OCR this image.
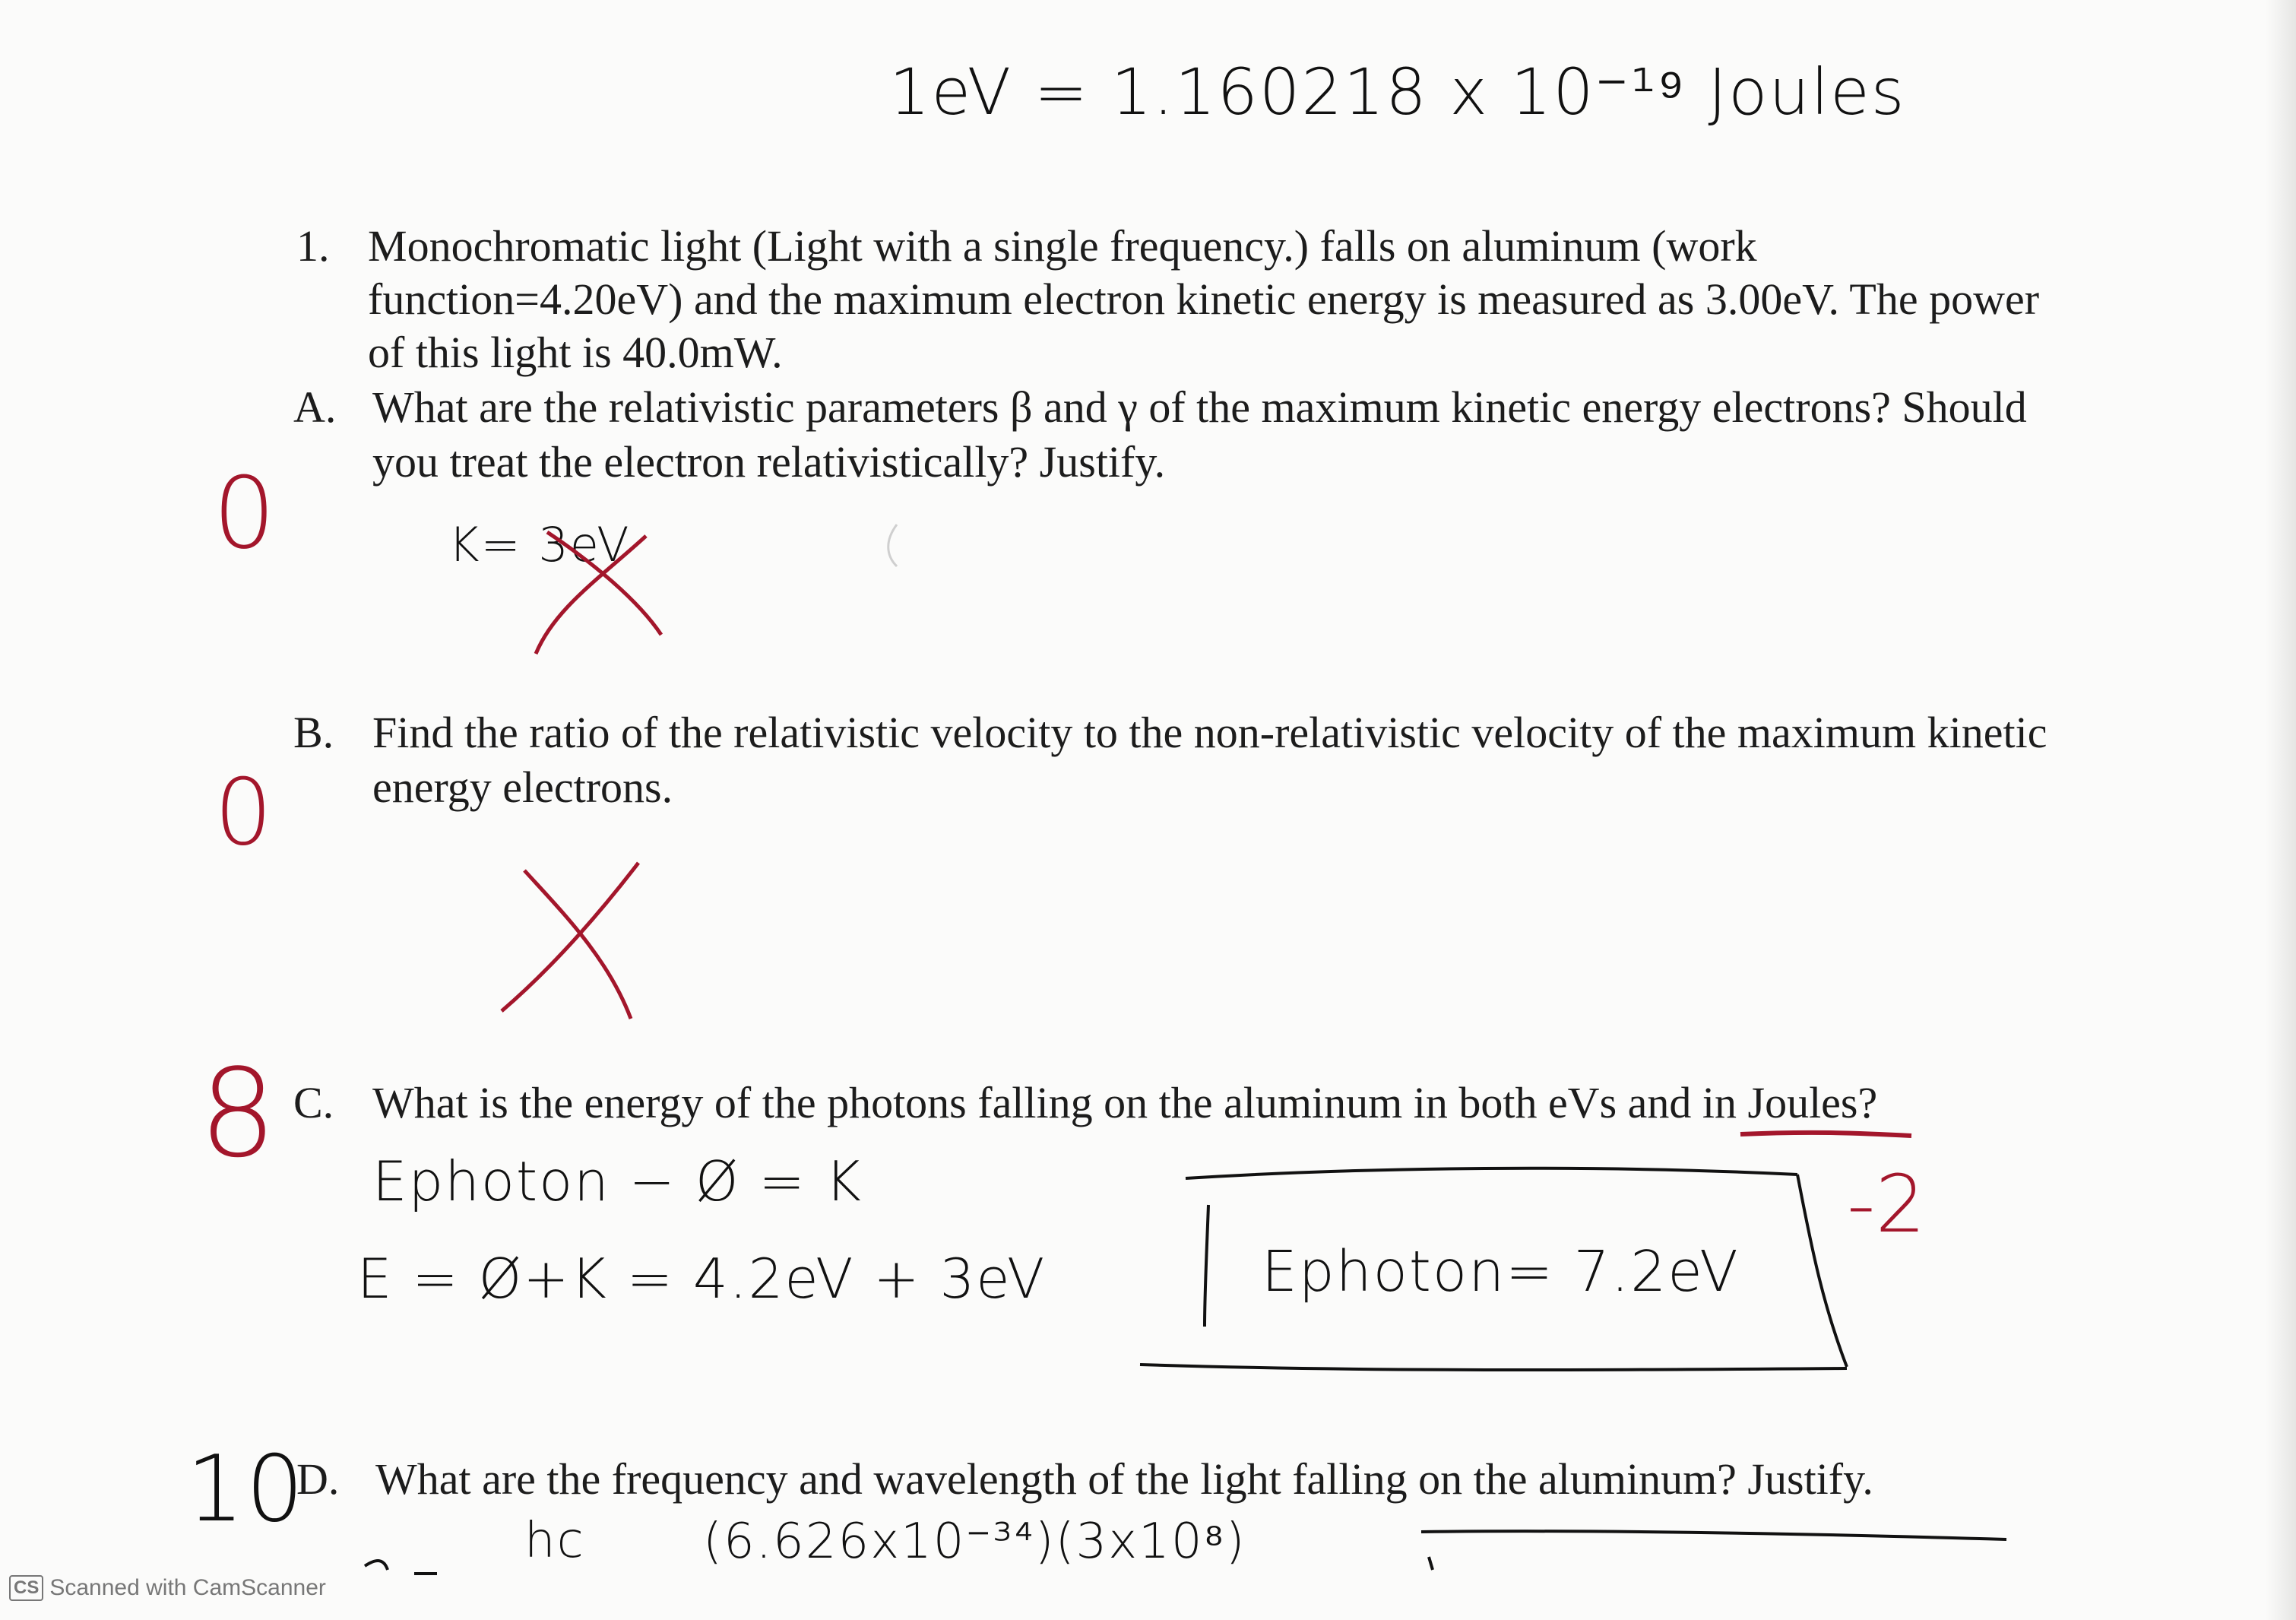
1eV = 1.160218 x 10⁻¹⁹ Joules
1. Monochromatic light (Light with a single frequency.) falls on aluminum (work
function=4.20eV) and the maximum electron kinetic energy is measured as 3.00eV. The power
of this light is 40.0mW.
A. What are the relativistic parameters β and γ of the maximum kinetic energy electrons? Should
you treat the electron relativistically? Justify.
0	K= 3eV
B. Find the ratio of the relativistic velocity to the non-relativistic velocity of the maximum kinetic
energy electrons.
0
C. What is the energy of the photons falling on the aluminum in both eVs and in Joules?
8
-2
Ephoton − Ø = K
E = Ø+K = 4.2eV + 3eV	Ephoton= 7.2eV
D. What are the frequency and wavelength of the light falling on the aluminum? Justify.
10	hc (6.626x10⁻³⁴)(3x10⁸)
CS Scanned with CamScanner
